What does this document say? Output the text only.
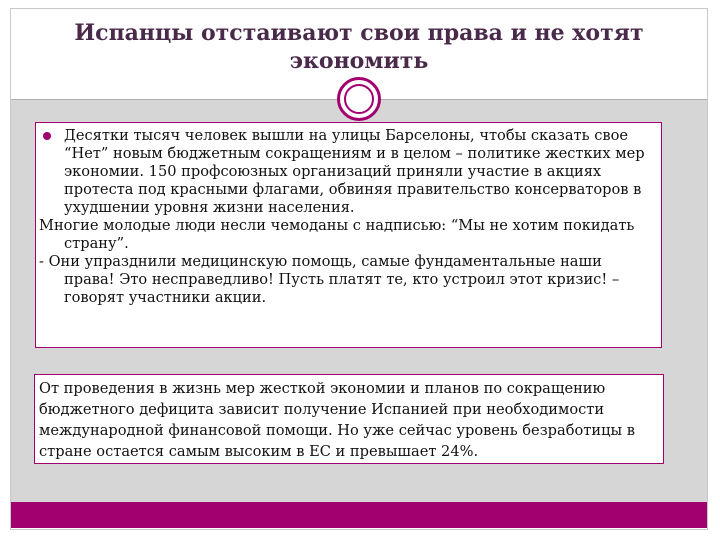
Испанцы отстаивают свои права и не хотят экономить

Десятки тысяч человек вышли на улицы Барселоны, чтобы сказать свое “Нет” новым бюджетным сокращениям и в целом – политике жестких мер экономии. 150 профсоюзных организаций приняли участие в акциях протеста под красными флагами, обвиняя правительство консерваторов в ухудшении уровня жизни населения.

Многие молодые люди несли чемоданы с надписью: “Мы не хотим покидать страну”.

- Они упразднили медицинскую помощь, самые фундаментальные наши права! Это несправедливо! Пусть платят те, кто устроил этот кризис! – говорят участники акции.

От проведения в жизнь мер жесткой экономии и планов по сокращению бюджетного дефицита зависит получение Испанией при необходимости международной финансовой помощи. Но уже сейчас уровень безработицы в стране остается самым высоким в ЕС и превышает 24%.
